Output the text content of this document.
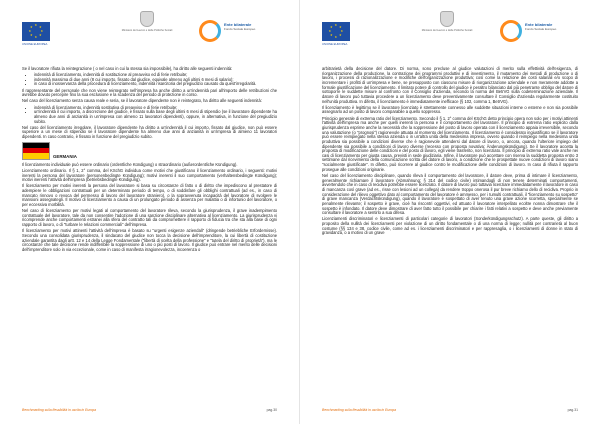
Ministero del Lavoro e delle Politiche Sociali
★ ★
★
★
★
★
★
★
UNIONE EUROPEA
Ente bilaterale
Fondo Sociale Europeo

Se il lavoratore rifiuta la reintegrazione ( o nel caso in cui la stessa sia impossibile), ha diritto alle seguenti indennità:

• indennità di licenziamento, indennità di sostituzione al preavviso ed di ferie retribuite;
• indennità massima di due anni (8 cui importo, fissato dal giudice, equivale almeno agli ultimi 6 mesi di salario);
• in caso di inosservanza della procedura di licenziamento, indennità risarcitoria del pregiudizio causato da quest'irregolarità.

Il rappresentante del personale che non viene reintegrato nell'impresa ha anche diritto a un'indennità pari all'importo delle retribuzioni che avrebbe dovuto percepire fino la sua esclusione e la scadenza del periodo di protezione in corso.

Nel caso del licenziamento senza causa reale e seria, se il lavoratore dipendente non è reintegrato, ha diritto alle seguenti indennità:

• indennità di licenziamento, indennità sostitutiva di preavviso e di ferie retribuite;
• un'indennità il cui importo, a discrezione del giudice, è fissato sulla base degli ultimi 6 mesi di stipendio (se il lavoratore dipendente ha almeno due anni di anzianità in un'impresa con almeno 11 lavoratori dipendenti), oppure, in alternativa, in funzione del pregiudizio subito.

Nel caso del licenziamento irregolare, il lavoratore dipendente ha diritto a un'indennità il cui importo, fissato dal giudice, non può essere superiore a un mese di stipendio se il lavoratore dipendente ha almeno due anni di anzianità in un'impresa di almeno 11 lavoratori dipendenti. In caso contrario, è fissato in funzione del pregiudizio subito.

GERMANIA

Il licenziamento individuale può essere ordinario (ordentliche Kündigung) o straordinario (außerordentliche Kündigung).

Licenziamento ordinario. Il § 1, 2° comma, del KSchG individua come motivi che giustificano il licenziamento ordinario, i seguenti: motivi inerenti la persona del lavoratore (personenbedingte Kündigung); motivi inerenti il suo comportamento (verhaltensbedingte Kündigung); motivi inerenti l'attività dell'impresa (betriebsbedingte Kündigung).

Il licenziamento per motivi inerenti la persona del lavoratore si basa su circostanze di fatto o di diritto che impediscono al prestatore di adempiere le obbligazioni contrattuali per un determinato periodo di tempo, o di soddisfare gli obblighi contrattuali (ad es., in caso di mancato rinnovo o revoca del permesso di lavoro del lavoratore straniero), o la sopravvenuta incapacità del lavoratore di svolgere le mansioni assegnategli. Il motivo di licenziamento a causa di un prolungato periodo di assenza per malattia o di infortunio del lavoratore, o per eccessiva morbilità.

Nel caso di licenziamento per motivi legati al comportamento del lavoratore rileva, secondo la giurisprudenza, il grave inadempimento contrattuale del lavoratore, tale da non consentire l'adozione di una sanzione disciplinare alternativa al licenziamento. La giurisprudenza vi ricomprende anche comportamenti estranei alla sfera del contratto tali da compromettere il rapporto di fiducia tra che sta alla base di ogni rapporto di lavoro, o di "turbare le relazioni commerciali" dell'impresa.

Il licenziamento per motivi attinenti l'attività dell'impresa è basato su "urgenti esigenze aziendali" (dringende betriebliche Erfordernisse). Secondo una consolidata giurisprudenza, il sindacato del giudice non tocca la decisione dell'imprenditore, la cui libertà di costituzione aziendale garantita dagli artt. 12 e 14 della Legge Fondamentale ("libertà di scelta della professione" e "tutela del diritto di proprietà"), ma le circostanze che tale decisione rende indifferibile la soppressione di uno o più posti di lavoro. Il giudice può entrare nel merito delle decisioni dell'imprenditore solo in via eccezionale, come in caso di manifesta irragionevolezza, incoerenza o

Benchmarking sulla flessibilità in uscita in Europa	pag.30
Ministero del Lavoro e delle Politiche Sociali
★ ★
★
★
★
★
★
★
UNIONE EUROPEA
Ente bilaterale
Fondo Sociale Europeo

arbitrarietà della decisione del datore. Di norma, sono precluse al giudice valutazioni di merito sulla effettività dell'esigenza, di riorganizzazione della produzione, la contrazione dei programmi produttivi e di investimento, il mutamento dei metodi di produzione o di lavoro, i processi di razionalizzazione e modifiche dell'organizzazione produttiva; così come la relazione dei costi salariali e/o scopo di incrementare i profitti di un'impresa e bene, se presupposto con ciascuno misure di riorganizzazione aziendale e non meramente addotte a formale giustificazione del licenziamento. Il limitato potere di controllo del giudice è peraltro bilanciato dal più penetrante obbligo del datore di sottoporre le suddette misure al confronto con il Consiglio d'azienda, secondo la norma del BetrVG sulla codeterminazione aziendale. Il datore di lavoro può tuttavia procedere a un licenziamento deve preventivamente consultare il Consiglio d'azienda regolarmente costituito nell'unità produttiva. In difetto, il licenziamento è immediatamente inefficace (§ 102, comma 1, BetrVG).

Il licenziamento è legittimo se il lavoratore licenziato è strettamente connesso alle suddette situazioni interne o esterne e non sia possibile assegnarlo ad un posto di lavoro comparabile a quello soppresso.

Principio generale di extrema ratio del licenziamento. Secondo il § 1, 2° comma del KSchG detto principio opera non solo per i motivi attinenti l'attività dell'impresa ma anche per quelli inerenti la persona e il comportamento del lavoratore. Il principio di extrema ratio esplicito dalla giurisprudenza esprime anche la necessità che la soppressione del posto di lavoro operata con il licenziamento appaia irreversibile, secondo una valutazione (o "prognosi") ragionevole attuata al momento del licenziamento. Il licenziamento è considerato ingiustificato se il lavoratore può essere reimpiegato nella stessa azienda o in un'altra unità della medesima impresa, ovvero quando il reimpiego nella medesima unità produttiva sia possibile a condizioni diverse che è ragionevole attendersi dal datore di lavoro, o, ancora, quando l'ulteriore impiego del dipendente sia possibile a condizioni di lavoro diverse (recesso con proposta novativa: Änderungskündigung). Se il lavoratore accetta la proposta di modificazione delle condizioni e del posto di lavoro, egli viene trasferito, non licenziato. Il principio di extrema ratio vale anche nei casi di licenziamento per giusta causa, previsti in sede giudiziaria. Infine, il lavoratore può accettare con riserva la suddetta proposta entro 3 settimane dal ricevimento della comunicazione scritta del datore di lavoro, a condizione che le prospettate nuove condizioni di lavoro siano "socialmente giustificate". In difetto, può ricorrere al giudice contro le modificazione delle condizioni di lavoro. In caso di rifiuta il rapporto prosegue alle condizioni originarie.

Nel caso del licenziamento disciplinare, quando rileva il comportamento del lavoratore, il datore deve, prima di intimare il licenziamento, generalmente richiamare il lavoratore (Abmahnung; § 314 del codice civile) intimandogli di non tenere determinati comportamenti, avvertendolo che in caso di recidiva potrebbe essere licenziato. Il datore di lavoro può tuttavia licenziare immediatamente il lavoratore in caso di mancanza così grave (ad es., risse con lesioni ad un collega) da rendere troppo onerosa il pur breve richiamo dello di recidiva. Proprio in considerazione del rilievo oggettivo dato al comportamento del lavoratore è ammesso, per i tumulti contrattuali, il "licenziamento su sospetto" di grave mancanza (Verdachtskündigung), quando il lavoratore è sospettato di aver tenuto una grave azione scorretta, specialmente se penalmente rilevante; il sospetto è grave, cioè ha riscontri oggettivi, ed attuato il lavoratore interpellato ecoltre nonna dimostrare che il sospetto è infondato. Il datore deve dimostrare di aver fatto tutto il possibile per chiarire i fatti relativi a sospetto e deve anche previamente consultare il lavoratore a sentirlo a sua difesa.

Licenziamenti discriminatori e licenziamenti di particolari categorie di lavoratori (Sonderkündigungsschutz). A parte queste, gli diritto a proposito della nullità dei licenziamenti per violazione di un diritto fondamentale o di una norma di legge; nullità per contrarietà al buon costume (§§ 134 e 38, codice civile, come ad es. i licenziamenti discriminatori e per rappresaglia, o i licenziamenti di donne in stato di gravidanza, o a motivo di un grave

Benchmarking sulla flessibilità in uscita in Europa	pag.31
